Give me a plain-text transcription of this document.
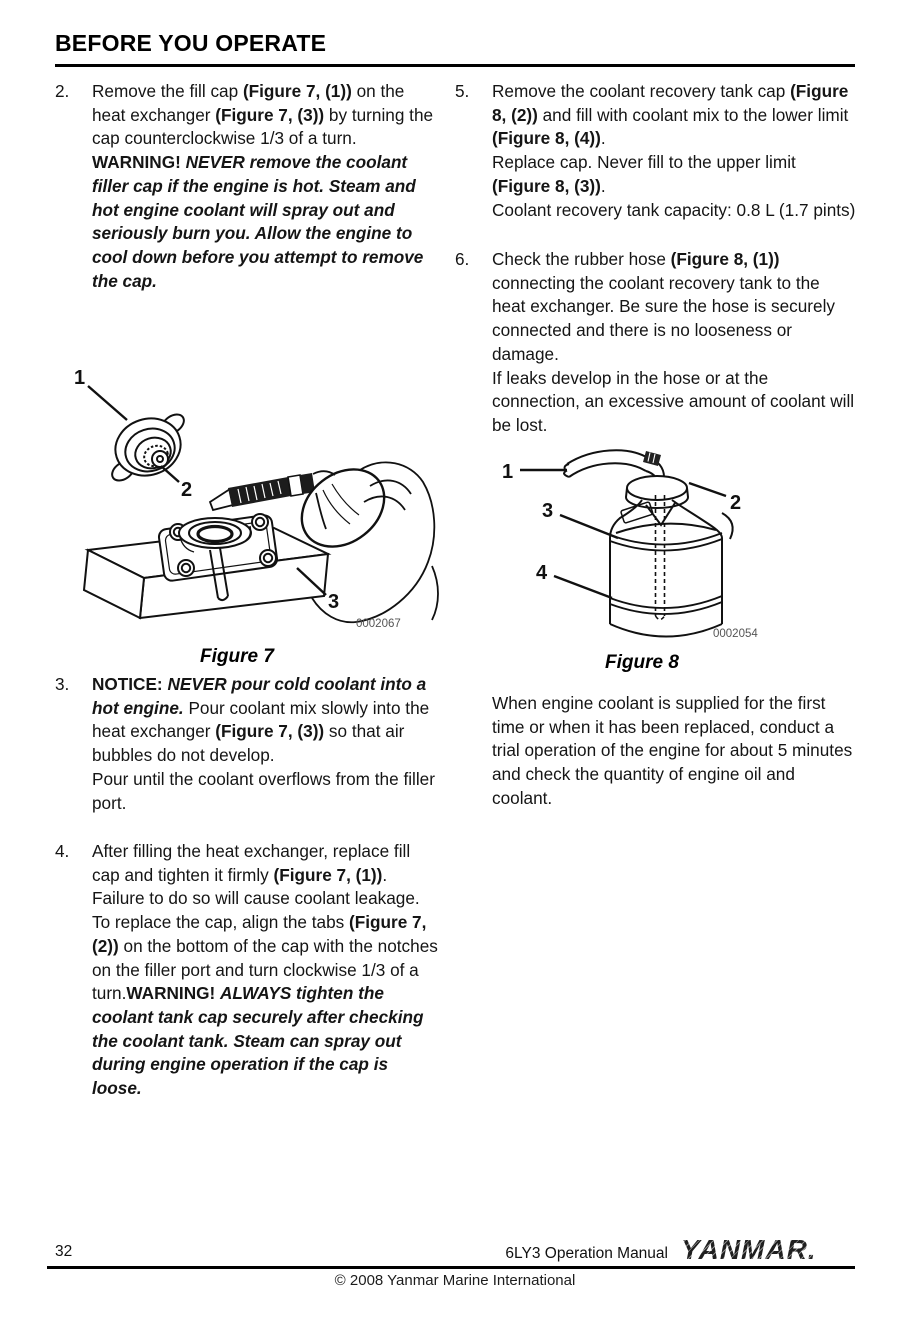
BEFORE YOU OPERATE
2.	Remove the fill cap (Figure 7, (1)) on the heat exchanger (Figure 7, (3)) by turning the cap counterclockwise 1/3 of a turn.
WARNING! NEVER remove the coolant filler cap if the engine is hot. Steam and hot engine coolant will spray out and seriously burn you. Allow the engine to cool down before you attempt to remove the cap.
1
2
3
0002067
Figure 7
3.	NOTICE: NEVER pour cold coolant into a hot engine. Pour coolant mix slowly into the heat exchanger (Figure 7, (3)) so that air bubbles do not develop.
Pour until the coolant overflows from the filler port.
4.	After filling the heat exchanger, replace fill cap and tighten it firmly (Figure 7, (1)). Failure to do so will cause coolant leakage. To replace the cap, align the tabs (Figure 7, (2)) on the bottom of the cap with the notches on the filler port and turn clockwise 1/3 of a turn.WARNING! ALWAYS tighten the coolant tank cap securely after checking the coolant tank. Steam can spray out during engine operation if the cap is loose.
5.	Remove the coolant recovery tank cap (Figure 8, (2)) and fill with coolant mix to the lower limit (Figure 8, (4)).
Replace cap. Never fill to the upper limit (Figure 8, (3)).
Coolant recovery tank capacity: 0.8 L (1.7 pints)
6.	Check the rubber hose (Figure 8, (1)) connecting the coolant recovery tank to the heat exchanger. Be sure the hose is securely connected and there is no looseness or damage.
If leaks develop in the hose or at the connection, an excessive amount of coolant will be lost.
1
2
3
4
0002054
Figure 8
When engine coolant is supplied for the first time or when it has been replaced, conduct a trial operation of the engine for about 5 minutes and check the quantity of engine oil and coolant.
32	6LY3 Operation Manual YANMAR.
© 2008 Yanmar Marine International
